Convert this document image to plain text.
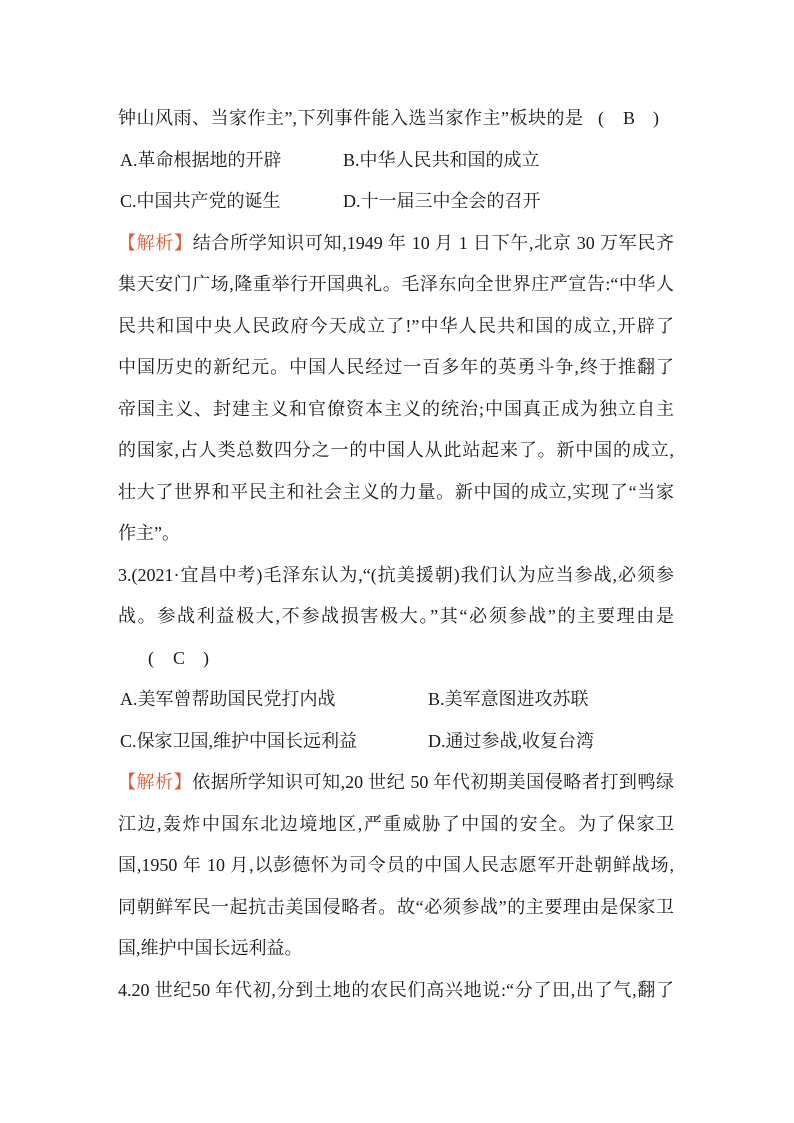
钟山风雨、当家作主”,下列事件能入选当家作主”板块的是 ( B )
A.革命根据地的开辟	B.中华人民共和国的成立
C.中国共产党的诞生	D.十一届三中全会的召开
【解析】结合所学知识可知,1949 年 10 月 1 日下午,北京 30 万军民齐
集天安门广场,隆重举行开国典礼。毛泽东向全世界庄严宣告:“中华人
民共和国中央人民政府今天成立了!”中华人民共和国的成立,开辟了
中国历史的新纪元。中国人民经过一百多年的英勇斗争,终于推翻了
帝国主义、封建主义和官僚资本主义的统治;中国真正成为独立自主
的国家,占人类总数四分之一的中国人从此站起来了。新中国的成立,
壮大了世界和平民主和社会主义的力量。新中国的成立,实现了“当家
作主”。
3.(2021·宜昌中考)毛泽东认为,“(抗美援朝)我们认为应当参战,必须参
战。参战利益极大,不参战损害极大。”其“必须参战”的主要理由是
( C )
A.美军曾帮助国民党打内战	B.美军意图进攻苏联
C.保家卫国,维护中国长远利益	D.通过参战,收复台湾
【解析】依据所学知识可知,20 世纪 50 年代初期美国侵略者打到鸭绿
江边,轰炸中国东北边境地区,严重威胁了中国的安全。为了保家卫
国,1950 年 10 月,以彭德怀为司令员的中国人民志愿军开赴朝鲜战场,
同朝鲜军民一起抗击美国侵略者。故“必须参战”的主要理由是保家卫
国,维护中国长远利益。
4.20 世纪50 年代初,分到土地的农民们高兴地说:“分了田,出了气,翻了
